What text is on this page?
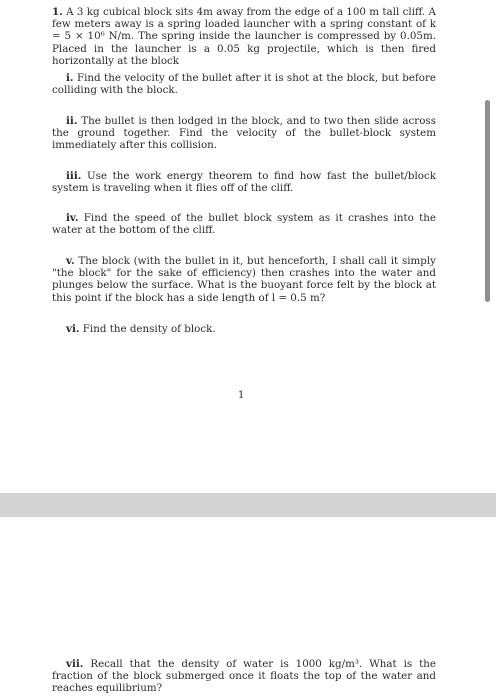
1. A 3 kg cubical block sits 4m away from the edge of a 100 m tall cliff. A few meters away is a spring loaded launcher with a spring constant of k = 5 × 10⁶ N/m. The spring inside the launcher is compressed by 0.05m. Placed in the launcher is a 0.05 kg projectile, which is then fired horizontally at the block

i. Find the velocity of the bullet after it is shot at the block, but before colliding with the block.

ii. The bullet is then lodged in the block, and to two then slide across the ground together. Find the velocity of the bullet-block system immediately after this collision.

iii. Use the work energy theorem to find how fast the bullet/block system is traveling when it flies off of the cliff.

iv. Find the speed of the bullet block system as it crashes into the water at the bottom of the cliff.

v. The block (with the bullet in it, but henceforth, I shall call it simply "the block" for the sake of efficiency) then crashes into the water and plunges below the surface. What is the buoyant force felt by the block at this point if the block has a side length of l = 0.5 m?

vi. Find the density of block.

1

vii. Recall that the density of water is 1000 kg/m³. What is the fraction of the block submerged once it floats the top of the water and reaches equilibrium?
